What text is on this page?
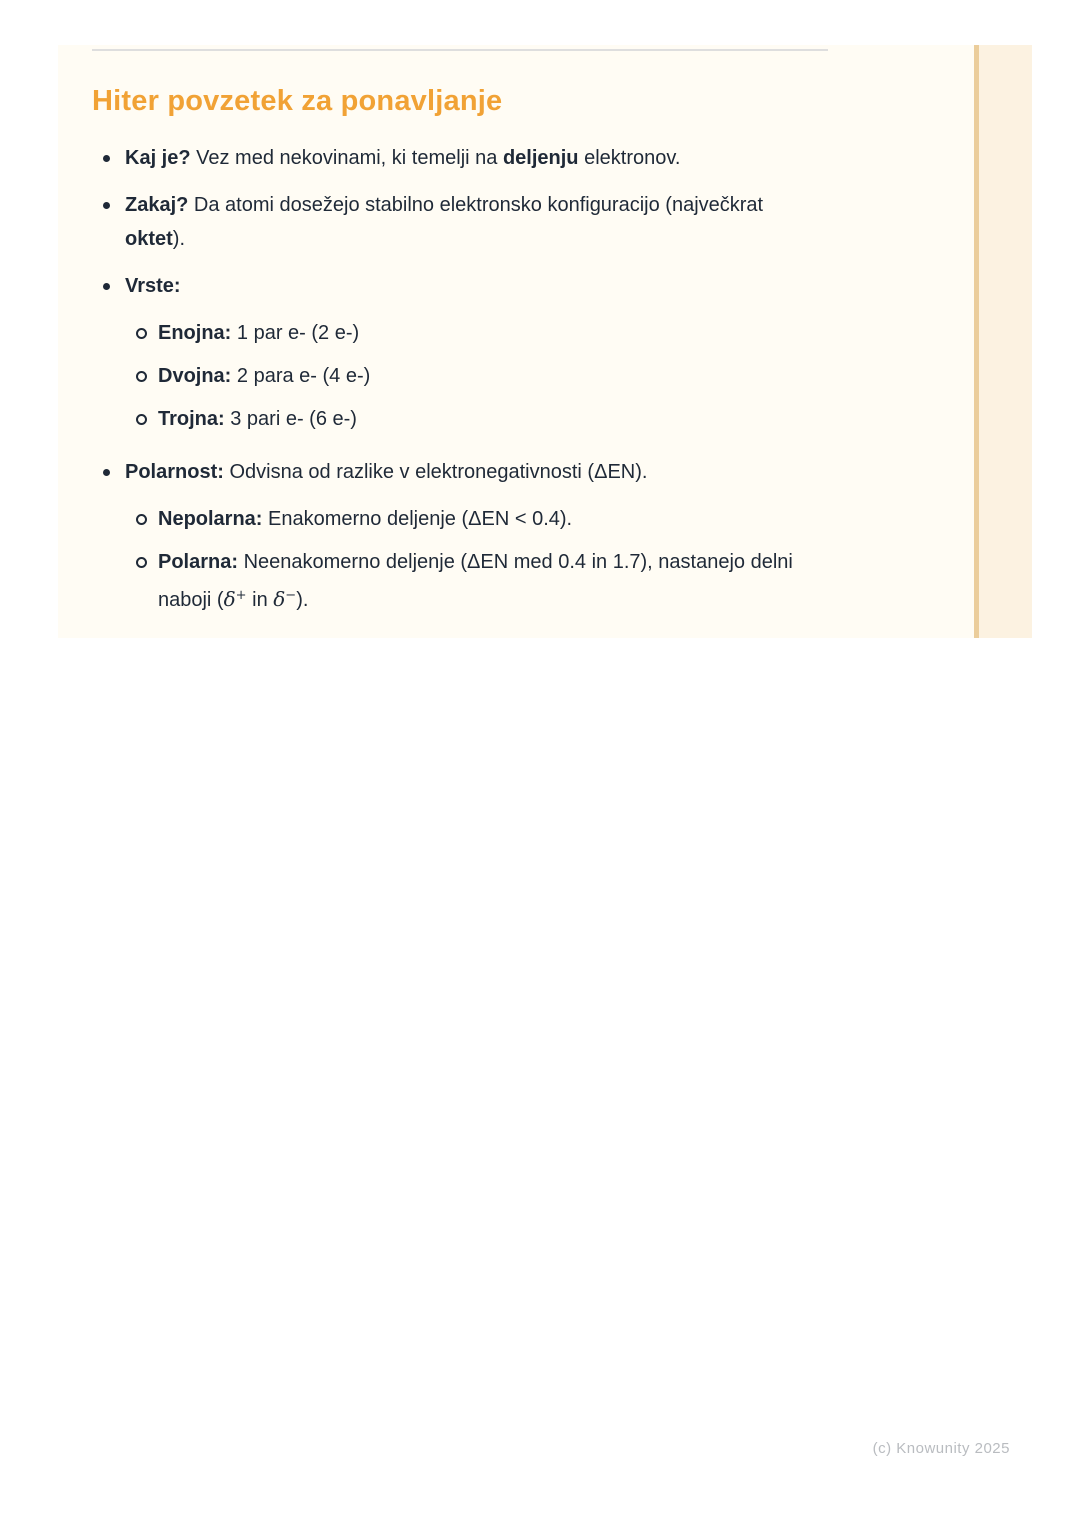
Hiter povzetek za ponavljanje
Kaj je? Vez med nekovinami, ki temelji na deljenju elektronov.
Zakaj? Da atomi dosežejo stabilno elektronsko konfiguracijo (največkrat oktet).
Vrste:
Enojna: 1 par e- (2 e-)
Dvojna: 2 para e- (4 e-)
Trojna: 3 pari e- (6 e-)
Polarnost: Odvisna od razlike v elektronegativnosti (ΔEN).
Nepolarna: Enakomerno deljenje (ΔEN < 0.4).
Polarna: Neenakomerno deljenje (ΔEN med 0.4 in 1.7), nastanejo delni naboji (δ+ in δ−).
(c) Knowunity 2025
